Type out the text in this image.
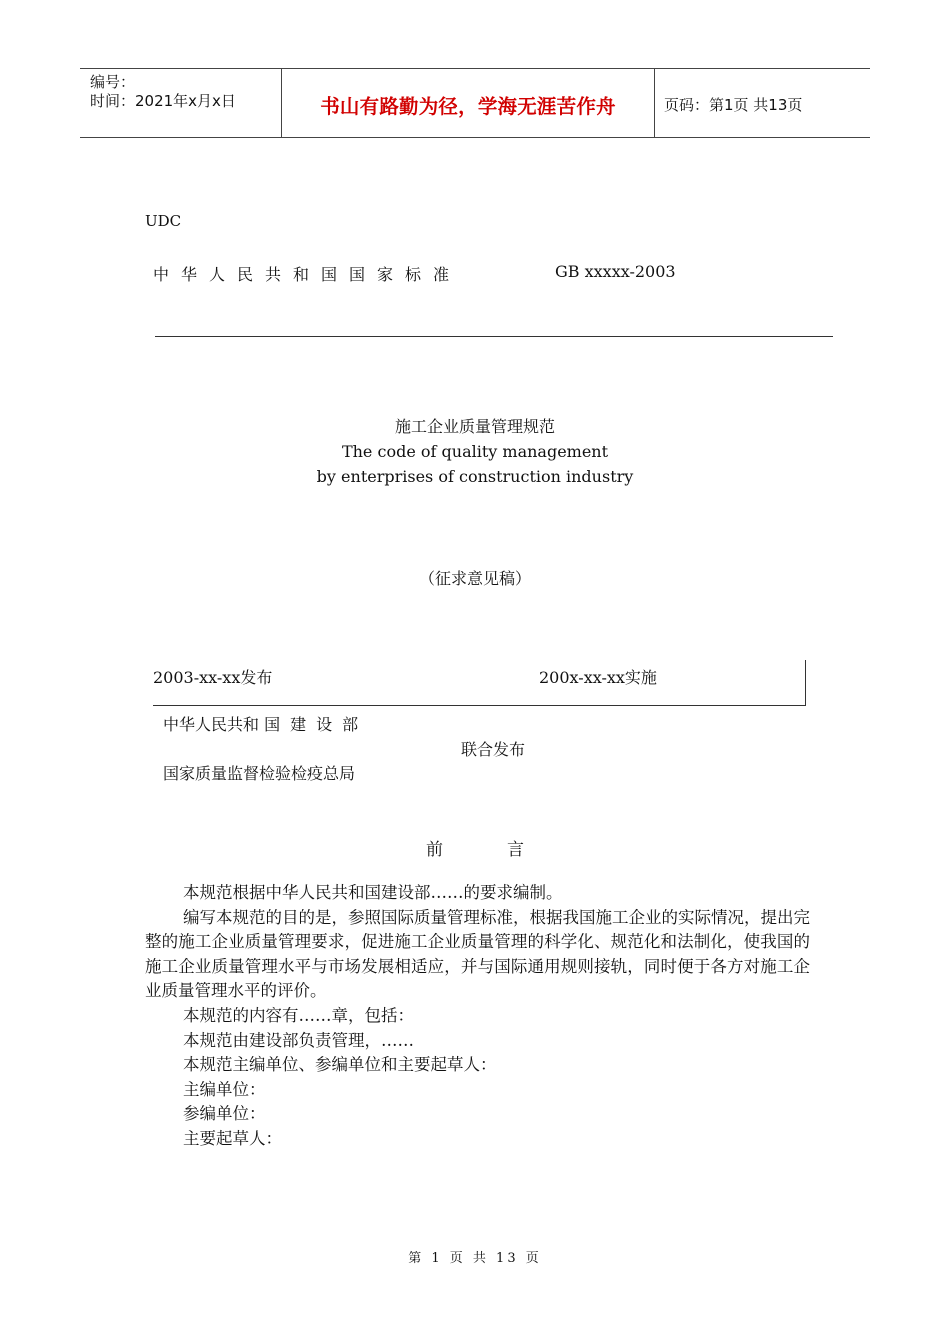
编号：
时间：2021年x月x日	书山有路勤为径，学海无涯苦作舟	页码：第1页 共13页
UDC
中华人民共和国国家标准	GB xxxxx-2003
施工企业质量管理规范
The code of quality management
by enterprises of construction industry
（征求意见稿）
2003-xx-xx发布	200x-xx-xx实施
中华人民共和 国建设部
联合发布
国家质量监督检验检疫总局
前言

本规范根据中华人民共和国建设部……的要求编制。

编写本规范的目的是，参照国际质量管理标准，根据我国施工企业的实际情况，提出完整的施工企业质量管理要求，促进施工企业质量管理的科学化、规范化和法制化，使我国的施工企业质量管理水平与市场发展相适应，并与国际通用规则接轨，同时便于各方对施工企业质量管理水平的评价。

本规范的内容有……章，包括：

本规范由建设部负责管理，……

本规范主编单位、参编单位和主要起草人：

主编单位：

参编单位：

主要起草人：

第 1 页 共 13 页
